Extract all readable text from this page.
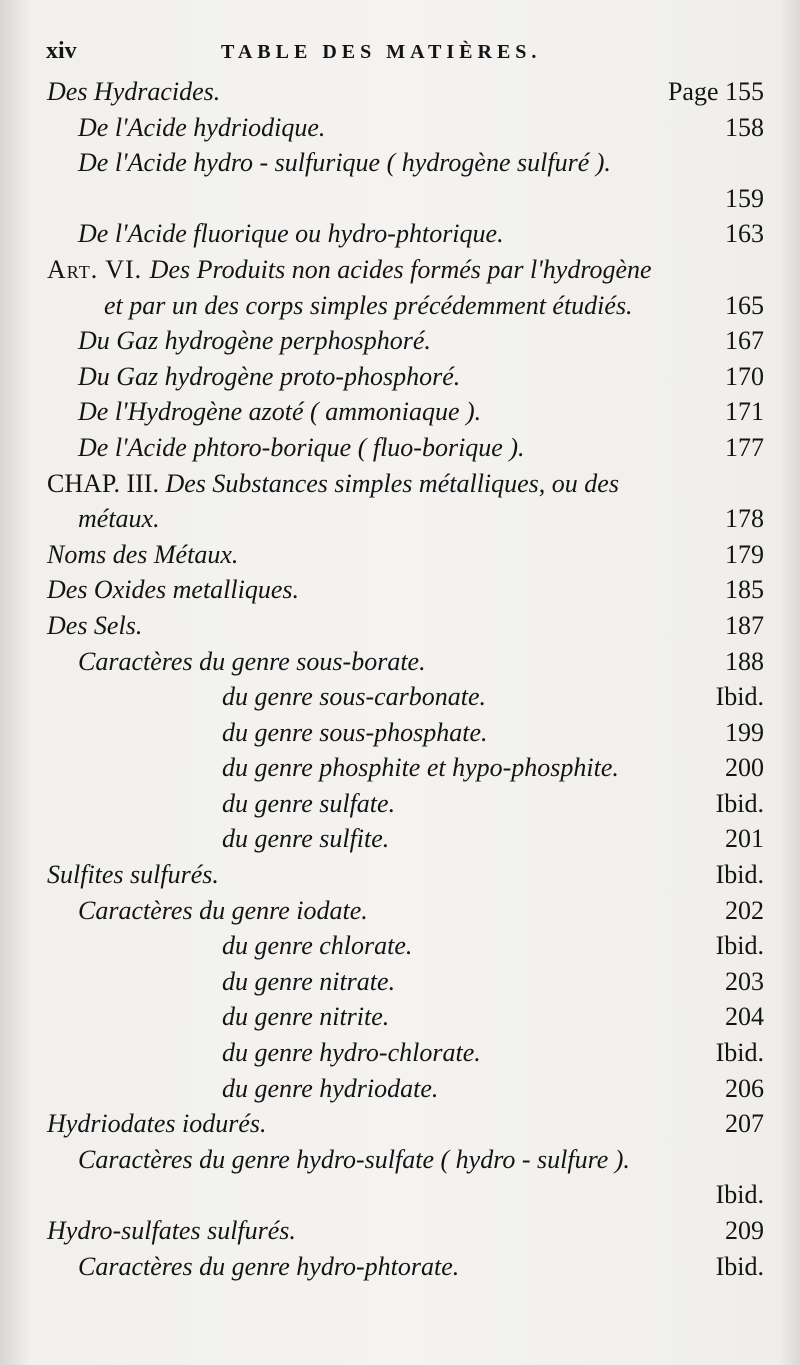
xiv	TABLE DES MATIÈRES.
Des Hydracides.	Page 155
De l'Acide hydriodique.	158
De l'Acide hydro - sulfurique ( hydrogène sulfuré ).
159
De l'Acide fluorique ou hydro-phtorique.	163
Art. VI. Des Produits non acides formés par l'hydrogène
et par un des corps simples précédemment étudiés.	165
Du Gaz hydrogène perphosphoré.	167
Du Gaz hydrogène proto-phosphoré.	170
De l'Hydrogène azoté ( ammoniaque ).	171
De l'Acide phtoro-borique ( fluo-borique ).	177
CHAP. III. Des Substances simples métalliques, ou des
métaux.	178
Noms des Métaux.	179
Des Oxides metalliques.	185
Des Sels.	187
Caractères du genre sous-borate.	188
du genre sous-carbonate.	Ibid.
du genre sous-phosphate.	199
du genre phosphite et hypo-phosphite.	200
du genre sulfate.	Ibid.
du genre sulfite.	201
Sulfites sulfurés.	Ibid.
Caractères du genre iodate.	202
du genre chlorate.	Ibid.
du genre nitrate.	203
du genre nitrite.	204
du genre hydro-chlorate.	Ibid.
du genre hydriodate.	206
Hydriodates iodurés.	207
Caractères du genre hydro-sulfate ( hydro - sulfure ).
Ibid.
Hydro-sulfates sulfurés.	209
Caractères du genre hydro-phtorate.	Ibid.
